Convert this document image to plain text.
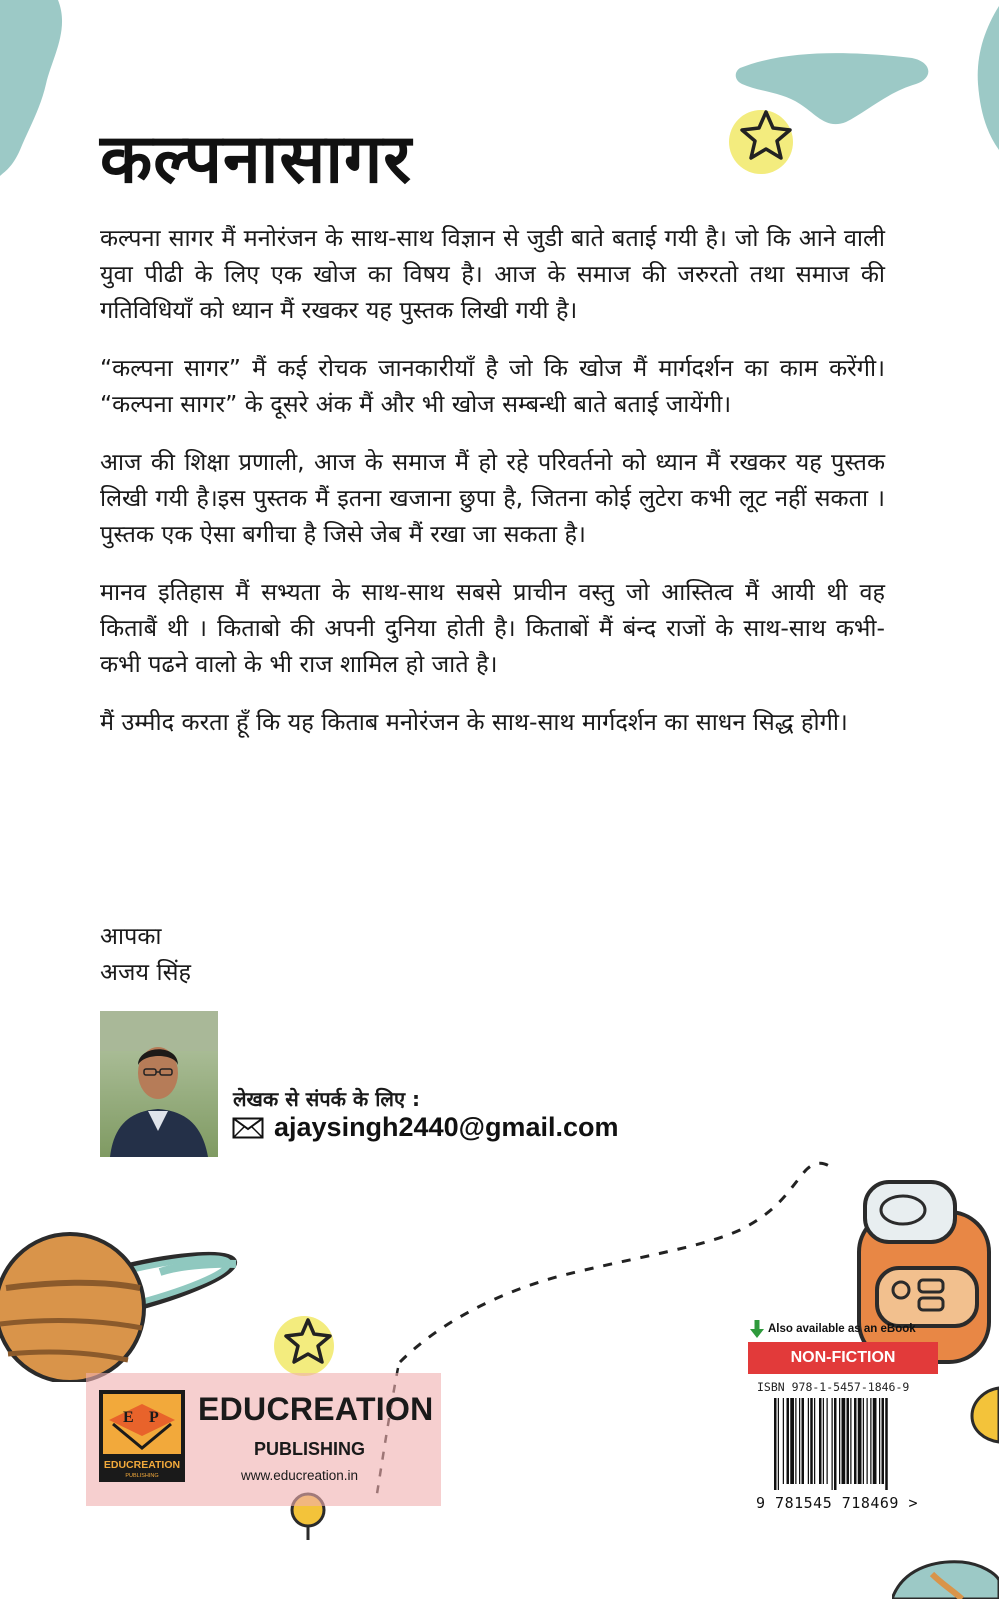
कल्पनासागर

कल्पना सागर मैं मनोरंजन के साथ-साथ विज्ञान से जुडी बाते बताई गयी है। जो कि आने वाली युवा पीढी के लिए एक खोज का विषय है। आज के समाज की जरुरतो तथा समाज की गतिविधियाँ को ध्यान मैं रखकर यह पुस्तक लिखी गयी है।

“कल्पना सागर” मैं कई रोचक जानकारीयाँ है जो कि खोज मैं मार्गदर्शन का काम करेंगी। “कल्पना सागर” के दूसरे अंक मैं और भी खोज सम्बन्धी बाते बताई जायेंगी।

आज की शिक्षा प्रणाली, आज के समाज मैं हो रहे परिवर्तनो को ध्यान मैं रखकर यह पुस्तक लिखी गयी है।इस पुस्तक मैं इतना खजाना छुपा है, जितना कोई लुटेरा कभी लूट नहीं सकता । पुस्तक एक ऐसा बगीचा है जिसे जेब मैं रखा जा सकता है।

मानव इतिहास मैं सभ्यता के साथ-साथ सबसे प्राचीन वस्तु जो आस्तित्व मैं आयी थी वह किताबैं थी । किताबो की अपनी दुनिया होती है। किताबों मैं बंन्द राजों के साथ-साथ कभी-कभी पढने वालो के भी राज शामिल हो जाते है।

मैं उम्मीद करता हूँ कि यह किताब मनोरंजन के साथ-साथ मार्गदर्शन का साधन सिद्ध होगी।

आपका
अजय सिंह
लेखक से संपर्क के लिए :
ajaysingh2440@gmail.com
E P
EDUCREATION
PUBLISHING
EDUCREATION
PUBLISHING
www.educreation.in
Also available as an eBook
NON-FICTION
ISBN 978-1-5457-1846-9
9 781545 718469 >
